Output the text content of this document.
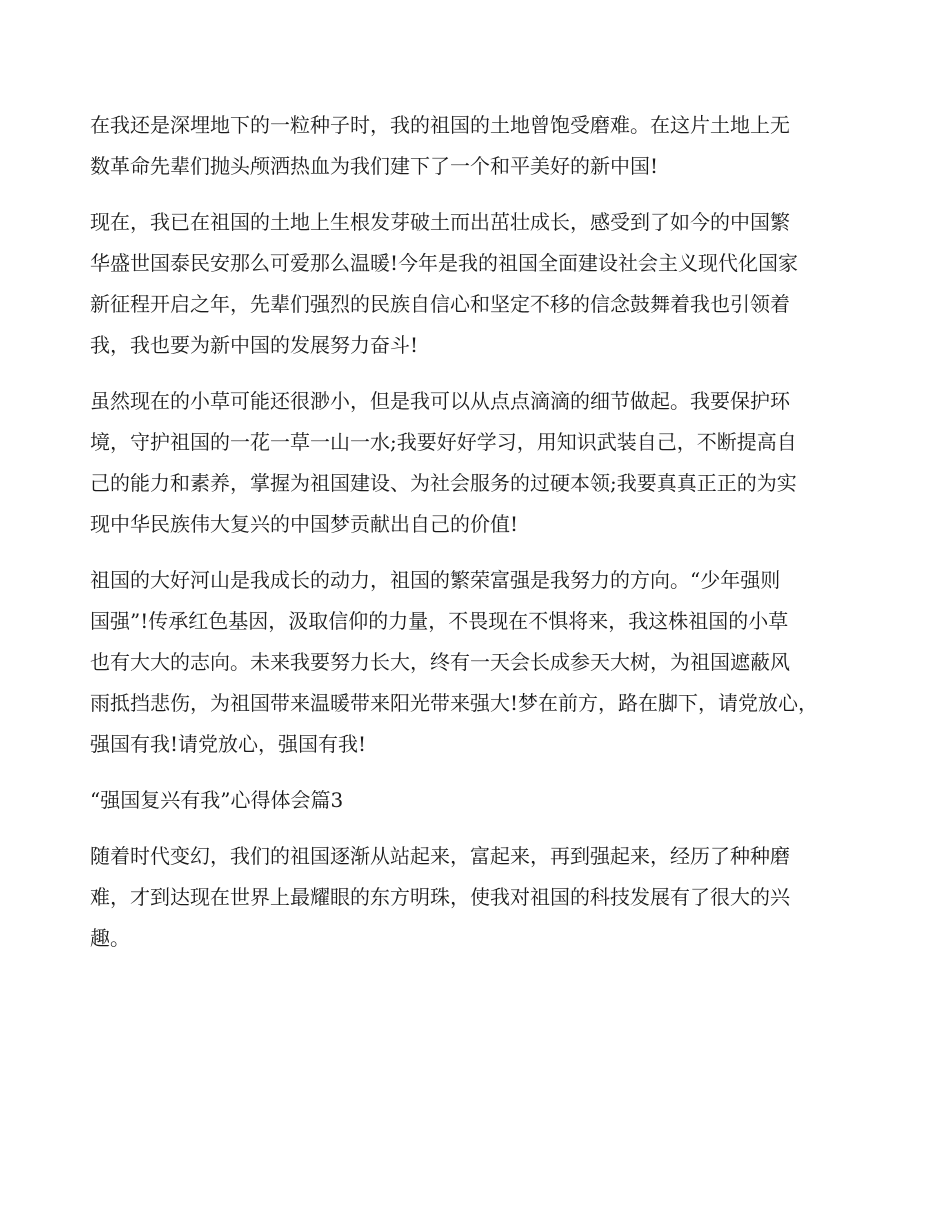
在我还是深埋地下的一粒种子时，我的祖国的土地曾饱受磨难。在这片土地上无
数革命先辈们抛头颅洒热血为我们建下了一个和平美好的新中国!
现在，我已在祖国的土地上生根发芽破土而出茁壮成长，感受到了如今的中国繁
华盛世国泰民安那么可爱那么温暖!今年是我的祖国全面建设社会主义现代化国家
新征程开启之年，先辈们强烈的民族自信心和坚定不移的信念鼓舞着我也引领着
我，我也要为新中国的发展努力奋斗!
虽然现在的小草可能还很渺小，但是我可以从点点滴滴的细节做起。我要保护环
境，守护祖国的一花一草一山一水;我要好好学习，用知识武装自己，不断提高自
己的能力和素养，掌握为祖国建设、为社会服务的过硬本领;我要真真正正的为实
现中华民族伟大复兴的中国梦贡献出自己的价值!
祖国的大好河山是我成长的动力，祖国的繁荣富强是我努力的方向。“少年强则
国强”!传承红色基因，汲取信仰的力量，不畏现在不惧将来，我这株祖国的小草
也有大大的志向。未来我要努力长大，终有一天会长成参天大树，为祖国遮蔽风
雨抵挡悲伤，为祖国带来温暖带来阳光带来强大!梦在前方，路在脚下，请党放心，
强国有我!请党放心，强国有我!
“强国复兴有我”心得体会篇3
随着时代变幻，我们的祖国逐渐从站起来，富起来，再到强起来，经历了种种磨
难，才到达现在世界上最耀眼的东方明珠，使我对祖国的科技发展有了很大的兴
趣。
